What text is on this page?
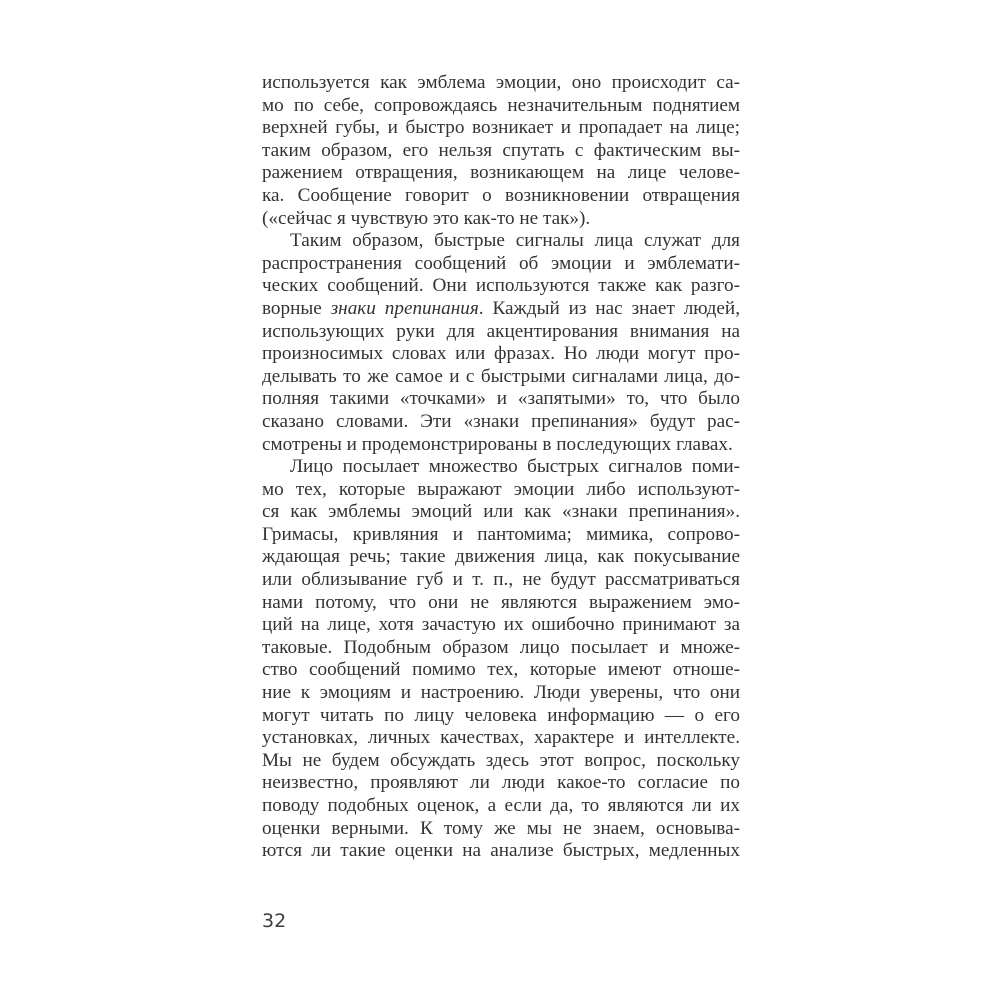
используется как эмблема эмоции, оно происходит са-
мо по себе, сопровождаясь незначительным поднятием
верхней губы, и быстро возникает и пропадает на лице;
таким образом, его нельзя спутать с фактическим вы-
ражением отвращения, возникающем на лице челове-
ка. Сообщение говорит о возникновении отвращения
(«сейчас я чувствую это как-то не так»).
Таким образом, быстрые сигналы лица служат для
распространения сообщений об эмоции и эмблемати-
ческих сообщений. Они используются также как разго-
ворные знаки препинания. Каждый из нас знает людей,
использующих руки для акцентирования внимания на
произносимых словах или фразах. Но люди могут про-
делывать то же самое и с быстрыми сигналами лица, до-
полняя такими «точками» и «запятыми» то, что было
сказано словами. Эти «знаки препинания» будут рас-
смотрены и продемонстрированы в последующих главах.
Лицо посылает множество быстрых сигналов поми-
мо тех, которые выражают эмоции либо используют-
ся как эмблемы эмоций или как «знаки препинания».
Гримасы, кривляния и пантомима; мимика, сопрово-
ждающая речь; такие движения лица, как покусывание
или облизывание губ и т. п., не будут рассматриваться
нами потому, что они не являются выражением эмо-
ций на лице, хотя зачастую их ошибочно принимают за
таковые. Подобным образом лицо посылает и множе-
ство сообщений помимо тех, которые имеют отноше-
ние к эмоциям и настроению. Люди уверены, что они
могут читать по лицу человека информацию — о его
установках, личных качествах, характере и интеллекте.
Мы не будем обсуждать здесь этот вопрос, поскольку
неизвестно, проявляют ли люди какое-то согласие по
поводу подобных оценок, а если да, то являются ли их
оценки верными. К тому же мы не знаем, основыва-
ются ли такие оценки на анализе быстрых, медленных
32
